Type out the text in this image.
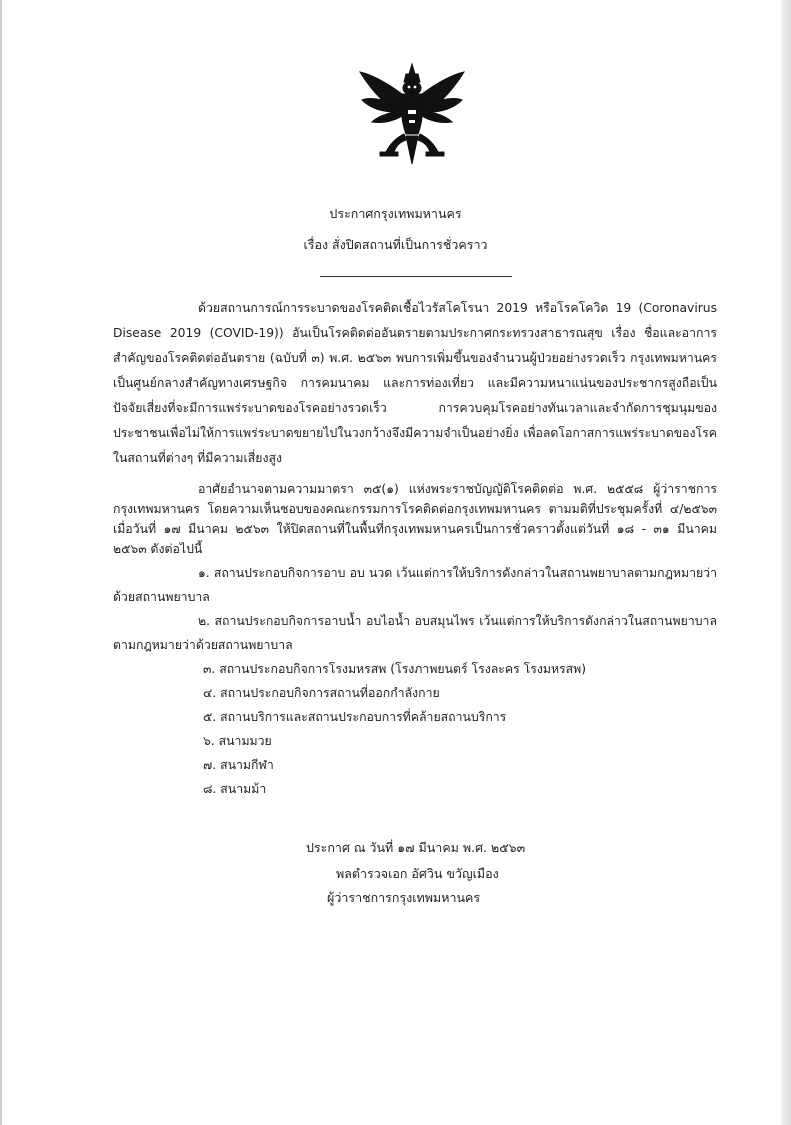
ประกาศกรุงเทพมหานคร
เรื่อง สั่งปิดสถานที่เป็นการชั่วคราว

ด้วยสถานการณ์การระบาดของโรคติดเชื้อไวรัสโคโรนา 2019 หรือโรคโควิด 19 (Coronavirus Disease 2019 (COVID-19)) อันเป็นโรคติดต่ออันตรายตามประกาศกระทรวงสาธารณสุข เรื่อง ชื่อและอาการสำคัญของโรคติดต่ออันตราย (ฉบับที่ ๓) พ.ศ. ๒๕๖๓ พบการเพิ่มขึ้นของจำนวนผู้ป่วยอย่างรวดเร็ว กรุงเทพมหานครเป็นศูนย์กลางสำคัญทางเศรษฐกิจ การคมนาคม และการท่องเที่ยว และมีความหนาแน่นของประชากรสูงถือเป็นปัจจัยเสี่ยงที่จะมีการแพร่ระบาดของโรคอย่างรวดเร็ว การควบคุมโรคอย่างทันเวลาและจำกัดการชุมนุมของประชาชนเพื่อไม่ให้การแพร่ระบาดขยายไปในวงกว้างจึงมีความจำเป็นอย่างยิ่ง เพื่อลดโอกาสการแพร่ระบาดของโรคในสถานที่ต่างๆ ที่มีความเสี่ยงสูง

อาศัยอำนาจตามความมาตรา ๓๕(๑) แห่งพระราชบัญญัติโรคติดต่อ พ.ศ. ๒๕๕๘ ผู้ว่าราชการกรุงเทพมหานคร โดยความเห็นชอบของคณะกรรมการโรคติดต่อกรุงเทพมหานคร ตามมติที่ประชุมครั้งที่ ๔/๒๕๖๓ เมื่อวันที่ ๑๗ มีนาคม ๒๕๖๓ ให้ปิดสถานที่ในพื้นที่กรุงเทพมหานครเป็นการชั่วคราวตั้งแต่วันที่ ๑๘ - ๓๑ มีนาคม ๒๕๖๓ ดังต่อไปนี้

๑. สถานประกอบกิจการอาบ อบ นวด เว้นแต่การให้บริการดังกล่าวในสถานพยาบาลตามกฎหมายว่าด้วยสถานพยาบาล

๒. สถานประกอบกิจการอาบน้ำ อบไอน้ำ อบสมุนไพร เว้นแต่การให้บริการดังกล่าวในสถานพยาบาลตามกฎหมายว่าด้วยสถานพยาบาล

๓. สถานประกอบกิจการโรงมหรสพ (โรงภาพยนตร์ โรงละคร โรงมหรสพ)

๔. สถานประกอบกิจการสถานที่ออกกำลังกาย

๕. สถานบริการและสถานประกอบการที่คล้ายสถานบริการ

๖. สนามมวย

๗. สนามกีฬา

๘. สนามม้า

ประกาศ ณ วันที่ ๑๗ มีนาคม พ.ศ. ๒๕๖๓
พลตำรวจเอก อัศวิน ขวัญเมือง
ผู้ว่าราชการกรุงเทพมหานคร
